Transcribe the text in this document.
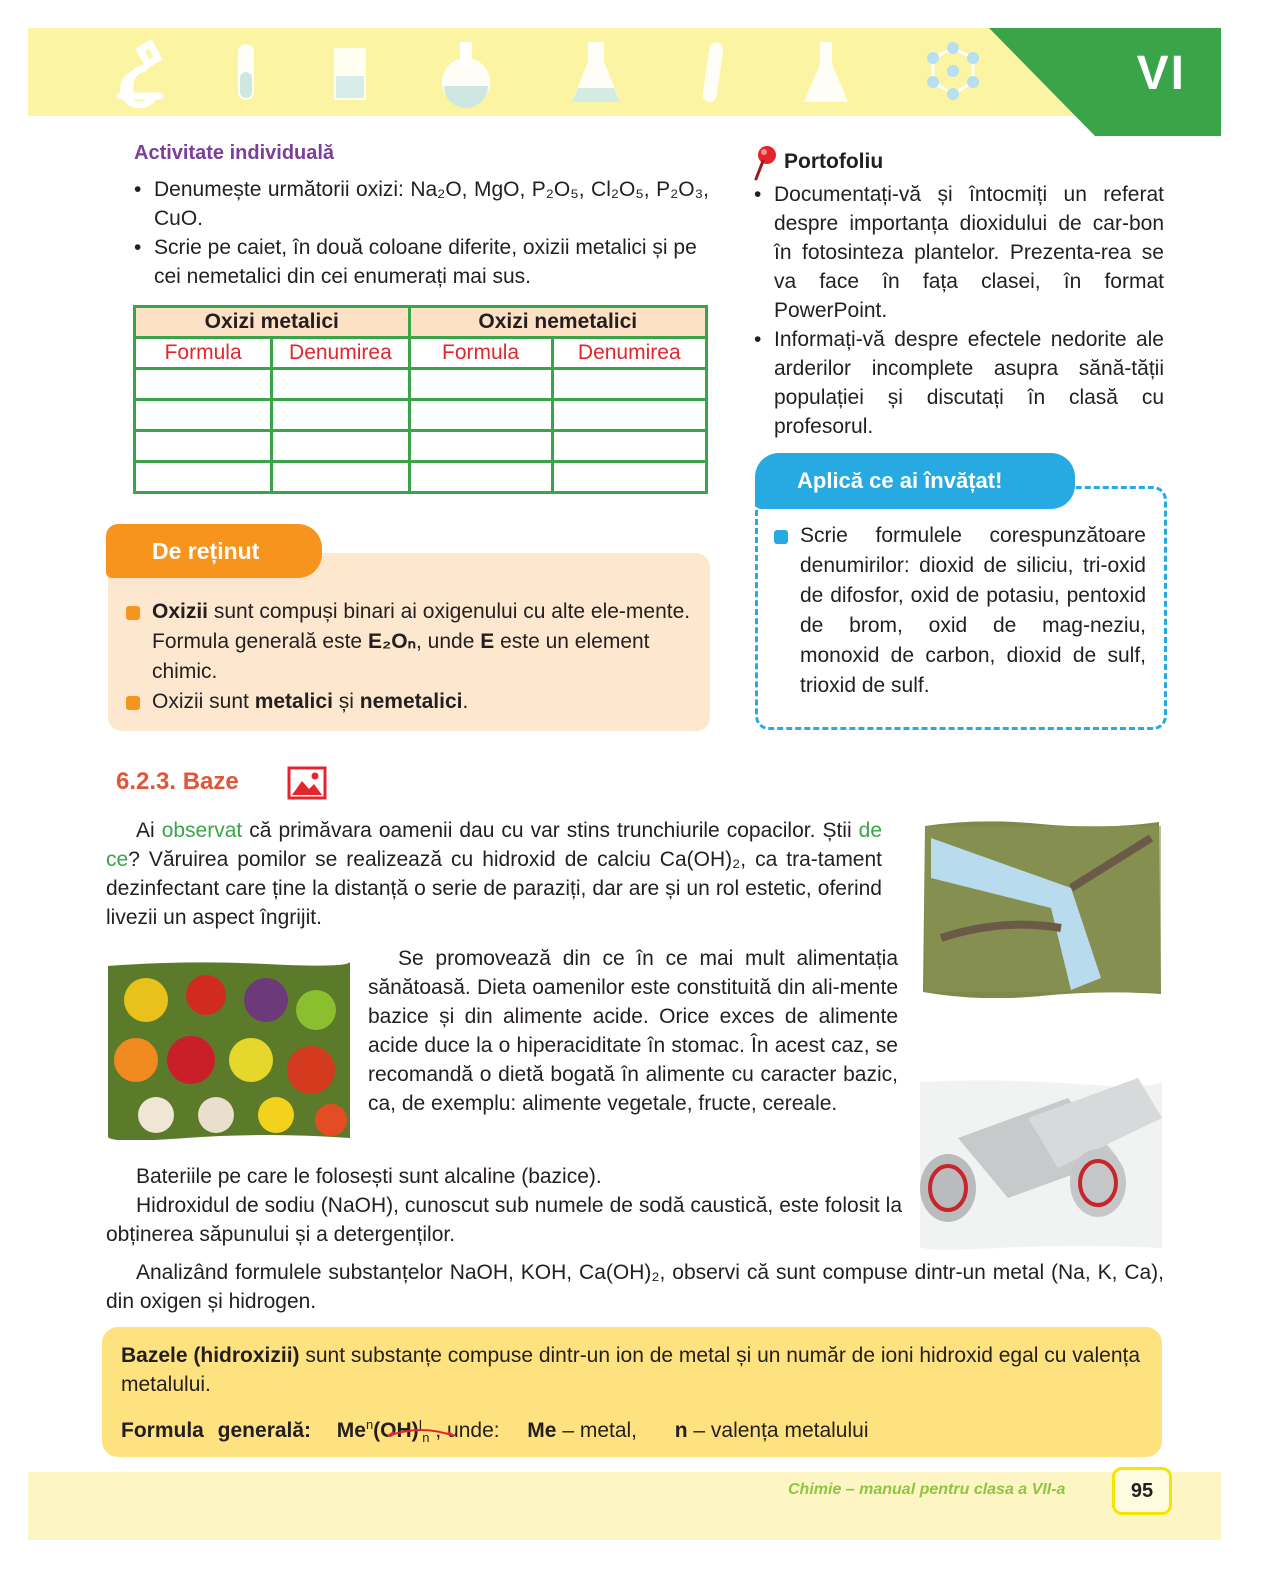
VI
Activitate individuală
• Denumește următorii oxizi: Na₂O, MgO, P₂O₅, Cl₂O₅, P₂O₃, CuO.
• Scrie pe caiet, în două coloane diferite, oxizii metalici și pe cei nemetalici din cei enumerați mai sus.
Oxizi metalici		Oxizi nemetalici	
Formula	Denumirea	Formula	Denumirea

De reținut
Oxizii sunt compuși binari ai oxigenului cu alte ele-mente. Formula generală este E₂Oₙ, unde E este un element chimic.
Oxizii sunt metalici și nemetalici.
Portofoliu
• Documentați-vă și întocmiți un referat despre importanța dioxidului de car-bon în fotosinteza plantelor. Prezenta-rea se va face în fața clasei, în format PowerPoint.
• Informați-vă despre efectele nedorite ale arderilor incomplete asupra sănă-tății populației și discutați în clasă cu profesorul.
Aplică ce ai învățat!
Scrie formulele corespunzătoare denumirilor: dioxid de siliciu, tri-oxid de difosfor, oxid de potasiu, pentoxid de brom, oxid de mag-neziu, monoxid de carbon, dioxid de sulf, trioxid de sulf.
6.2.3. Baze

Ai observat că primăvara oamenii dau cu var stins trunchiurile copacilor. Știi de ce? Văruirea pomilor se realizează cu hidroxid de calciu Ca(OH)₂, ca tra-tament dezinfectant care ține la distanță o serie de paraziți, dar are și un rol estetic, oferind livezii un aspect îngrijit.

Se promovează din ce în ce mai mult alimentația sănătoasă. Dieta oamenilor este constituită din ali-mente bazice și din alimente acide. Orice exces de alimente acide duce la o hiperaciditate în stomac. În acest caz, se recomandă o dietă bogată în alimente cu caracter bazic, ca, de exemplu: alimente vegetale, fructe, cereale.

Bateriile pe care le folosești sunt alcaline (bazice).

Hidroxidul de sodiu (NaOH), cunoscut sub numele de sodă caustică, este folosit la obținerea săpunului și a detergenților.

Analizând formulele substanțelor NaOH, KOH, Ca(OH)₂, observi că sunt compuse dintr-un metal (Na, K, Ca), din oxigen și hidrogen.

Bazele (hidroxizii) sunt substanțe compuse dintr-un ion de metal și un număr de ioni hidroxid egal cu valența metalului.

Formula generală: Me$^n$(OH)$^I_n$ , unde: Me – metal, n – valența metalului
Chimie – manual pentru clasa a VII-a	95
